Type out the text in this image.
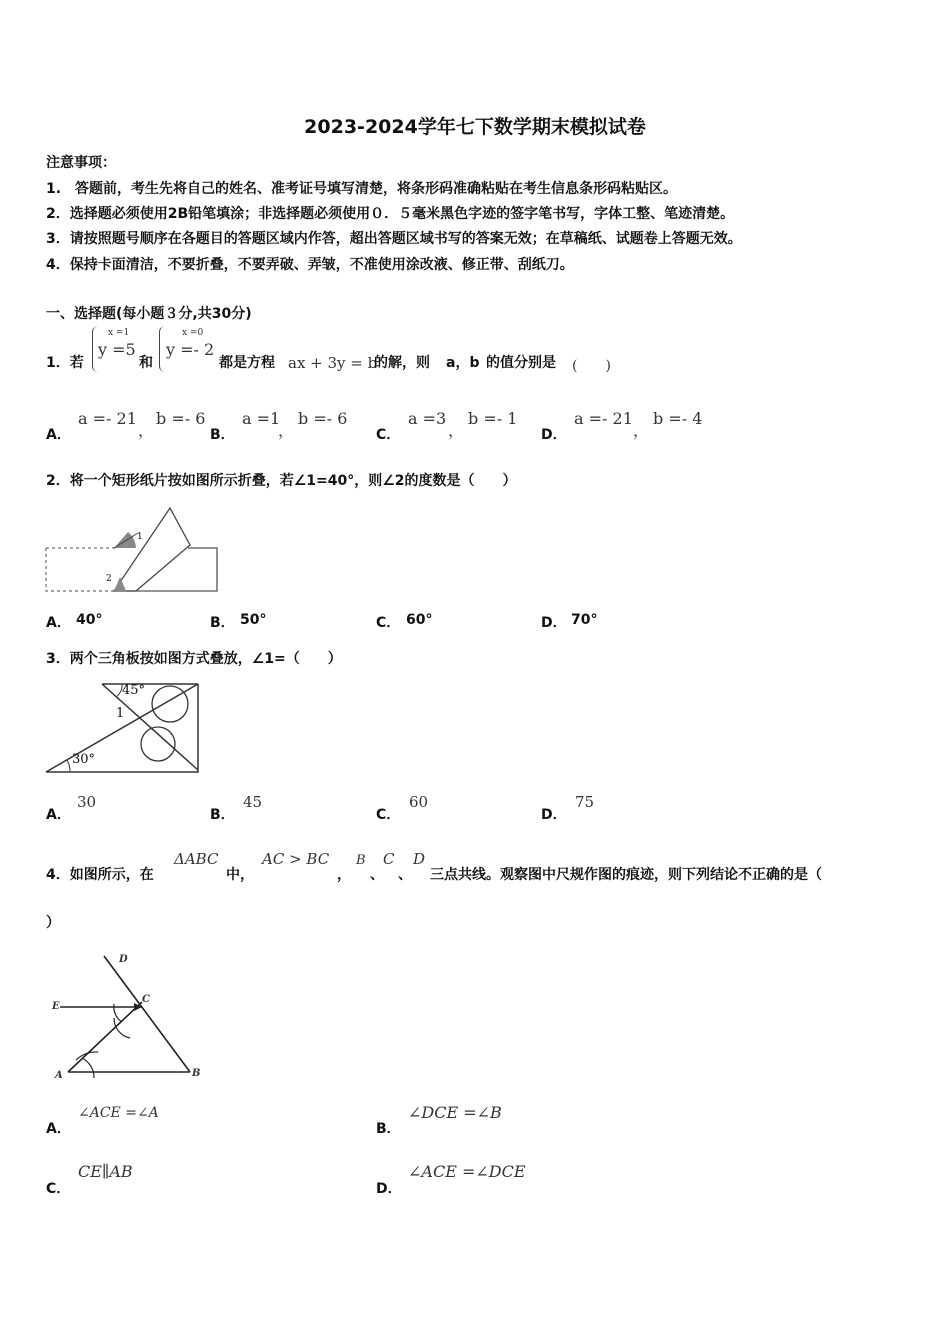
2023-2024学年七下数学期末模拟试卷
注意事项：
1.　答题前，考生先将自己的姓名、准考证号填写清楚，将条形码准确粘贴在考生信息条形码粘贴区。
2．选择题必须使用2B铅笔填涂；非选择题必须使用０．５毫米黑色字迹的签字笔书写，字体工整、笔迹清楚。
3．请按照题号顺序在各题目的答题区域内作答，超出答题区域书写的答案无效；在草稿纸、试题卷上答题无效。
4．保持卡面清洁，不要折叠，不要弄破、弄皱，不准使用涂改液、修正带、刮纸刀。
一、选择题(每小题３分,共30分)
1．若
x =1
y =5
和
x =0
y =- 2
都是方程 ax + 3y = b
的解，则 a，b 的值分别是 (　　)
A．
a =- 21
，
b =- 6
B．
a =1
，
b =- 6
C．
a =3
，
b =- 1
D．
a =- 21
，
b =- 4
2．将一个矩形纸片按如图所示折叠，若∠1=40°，则∠2的度数是（　　）
1
2
A． 40°	B． 50°	C． 60°	D． 70°
3．两个三角板按如图方式叠放，∠1=（　　）
45°
1
30°
A．
30
B．
45
C．
60
D．
75
4．如图所示，在
ΔABC
中，
AC > BC
，
B
、
C
、
D
三点共线。观察图中尺规作图的痕迹，则下列结论不正确的是（
）
D
E
C
A	B
A．
∠ACE =∠A
B．
∠DCE =∠B
C．
CE∥AB
D．
∠ACE =∠DCE
